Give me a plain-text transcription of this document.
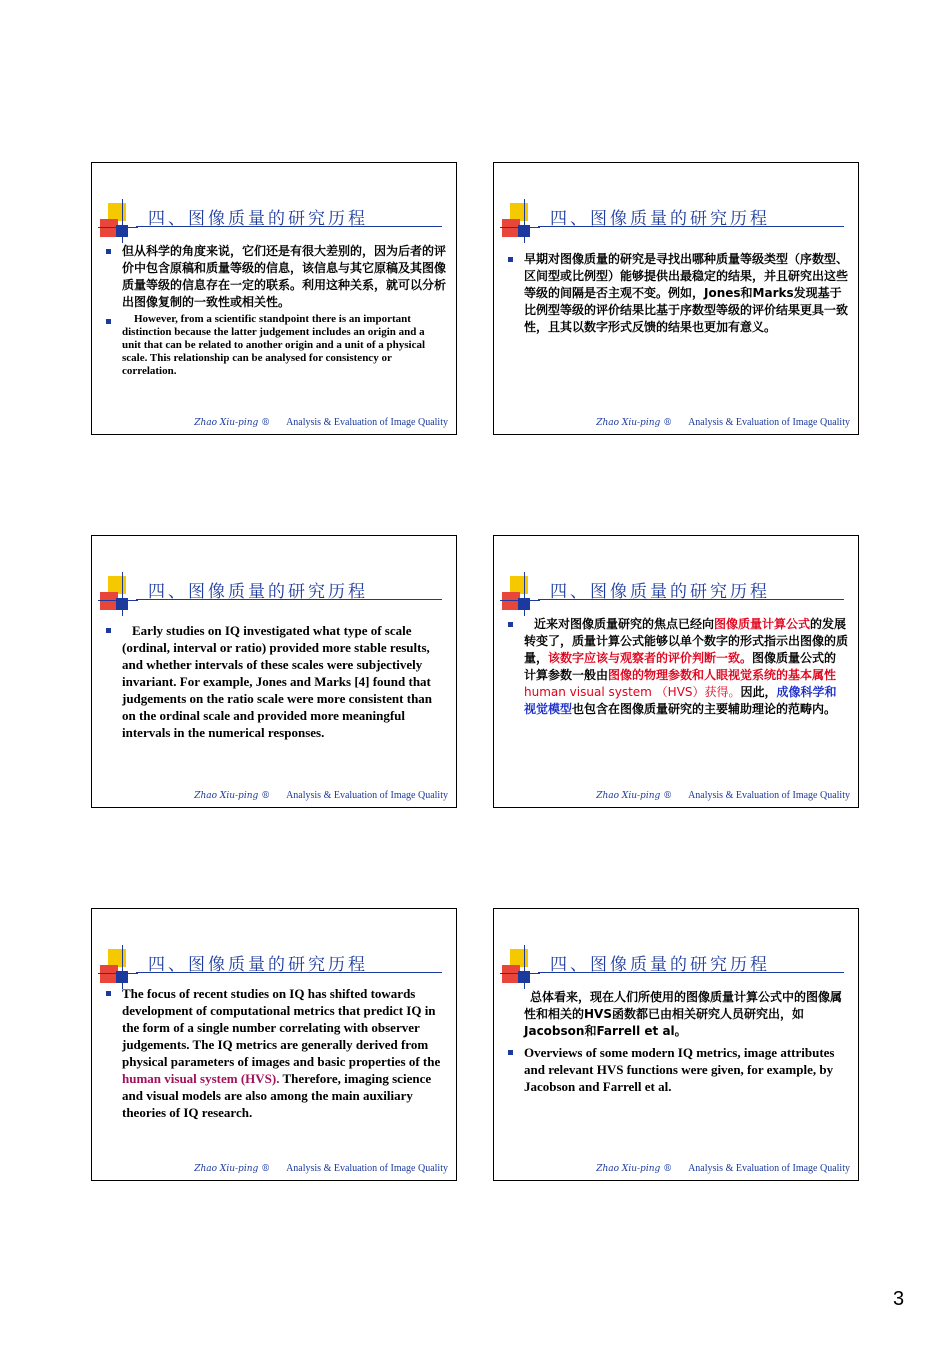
四、图像质量的研究历程
但从科学的角度来说，它们还是有很大差别的，因为后者的评价中包含原稿和质量等级的信息，该信息与其它原稿及其图像质量等级的信息存在一定的联系。利用这种关系，就可以分析出图像复制的一致性或相关性。
However, from a scientific standpoint there is an important distinction because the latter judgement includes an origin and a unit that can be related to another origin and a unit of a physical scale. This relationship can be analysed for consistency or correlation.
Zhao Xiu-ping ® Analysis & Evaluation of Image Quality
四、图像质量的研究历程
早期对图像质量的研究是寻找出哪种质量等级类型（序数型、区间型或比例型）能够提供出最稳定的结果，并且研究出这些等级的间隔是否主观不变。例如，Jones和Marks发现基于比例型等级的评价结果比基于序数型等级的评价结果更具一致性，且其以数字形式反馈的结果也更加有意义。
Zhao Xiu-ping ® Analysis & Evaluation of Image Quality
四、图像质量的研究历程
Early studies on IQ investigated what type of scale (ordinal, interval or ratio) provided more stable results, and whether intervals of these scales were subjectively invariant. For example, Jones and Marks [4] found that judgements on the ratio scale were more consistent than on the ordinal scale and provided more meaningful intervals in the numerical responses.
Zhao Xiu-ping ® Analysis & Evaluation of Image Quality
四、图像质量的研究历程
近来对图像质量研究的焦点已经向图像质量计算公式的发展转变了，质量计算公式能够以单个数字的形式指示出图像的质量，该数字应该与观察者的评价判断一致。图像质量公式的计算参数一般由图像的物理参数和人眼视觉系统的基本属性human visual system （HVS）获得。因此，成像科学和视觉模型也包含在图像质量研究的主要辅助理论的范畴内。
Zhao Xiu-ping ® Analysis & Evaluation of Image Quality
四、图像质量的研究历程
The focus of recent studies on IQ has shifted towards development of computational metrics that predict IQ in the form of a single number correlating with observer judgements. The IQ metrics are generally derived from physical parameters of images and basic properties of the human visual system (HVS). Therefore, imaging science and visual models are also among the main auxiliary theories of IQ research.
Zhao Xiu-ping ® Analysis & Evaluation of Image Quality
四、图像质量的研究历程
总体看来，现在人们所使用的图像质量计算公式中的图像属性和相关的HVS函数都已由相关研究人员研究出，如Jacobson和Farrell et al。
Overviews of some modern IQ metrics, image attributes and relevant HVS functions were given, for example, by Jacobson and Farrell et al.
Zhao Xiu-ping ® Analysis & Evaluation of Image Quality
3
